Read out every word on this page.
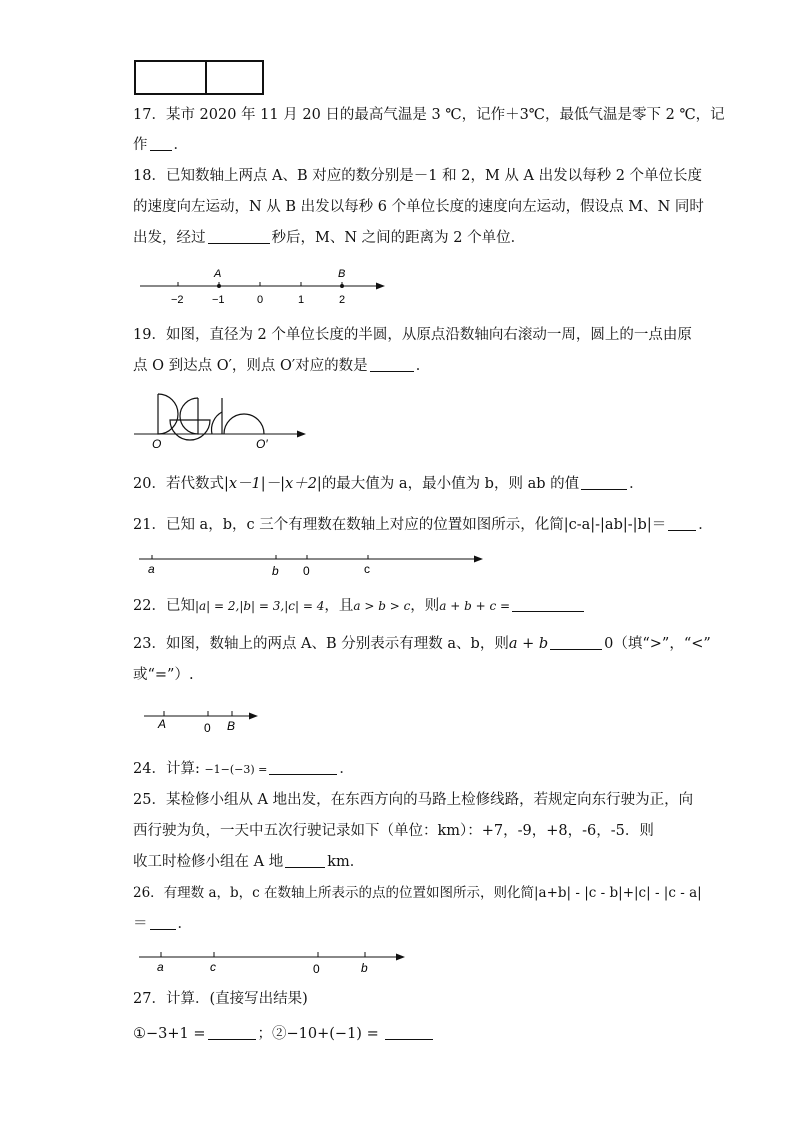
17．某市 2020 年 11 月 20 日的最高气温是 3 ℃，记作＋3℃，最低气温是零下 2 ℃，记
作 ．
18．已知数轴上两点 A、B 对应的数分别是－1 和 2，M 从 A 出发以每秒 2 个单位长度
的速度向左运动，N 从 B 出发以每秒 6 个单位长度的速度向左运动，假设点 M、N 同时
出发，经过	秒后，M、N 之间的距离为 2 个单位．
−2	−1	0	1	2
A	B
19．如图，直径为 2 个单位长度的半圆，从原点沿数轴向右滚动一周，圆上的一点由原
点 O 到达点 O′，则点 O′对应的数是	．
O	O′
20．若代数式|x－1|－|x＋2|的最大值为 a，最小值为 b，则 ab 的值	．
21．已知 a，b，c 三个有理数在数轴上对应的位置如图所示，化简|c-a|-|ab|-|b|＝ ．
a	b 0	c
22．已知|a| = 2,|b| = 3,|c| = 4，且a > b > c，则a + b + c =
23．如图，数轴上的两点 A、B 分别表示有理数 a、b，则a + b	0（填“>”，“<”
或“=”）.
A	0 B
24．计算: −1−(−3) =	．
25．某检修小组从 A 地出发，在东西方向的马路上检修线路，若规定向东行驶为正，向
西行驶为负，一天中五次行驶记录如下（单位：km）：+7，-9，+8，-6，-5．则
收工时检修小组在 A 地	km．
26．有理数 a，b，c 在数轴上所表示的点的位置如图所示，则化简|a+b| - |c - b|+|c| - |c - a|
＝ ．
a	c	0	b
27．计算．(直接写出结果)
①−3+1 =	；②−10+(−1) =
